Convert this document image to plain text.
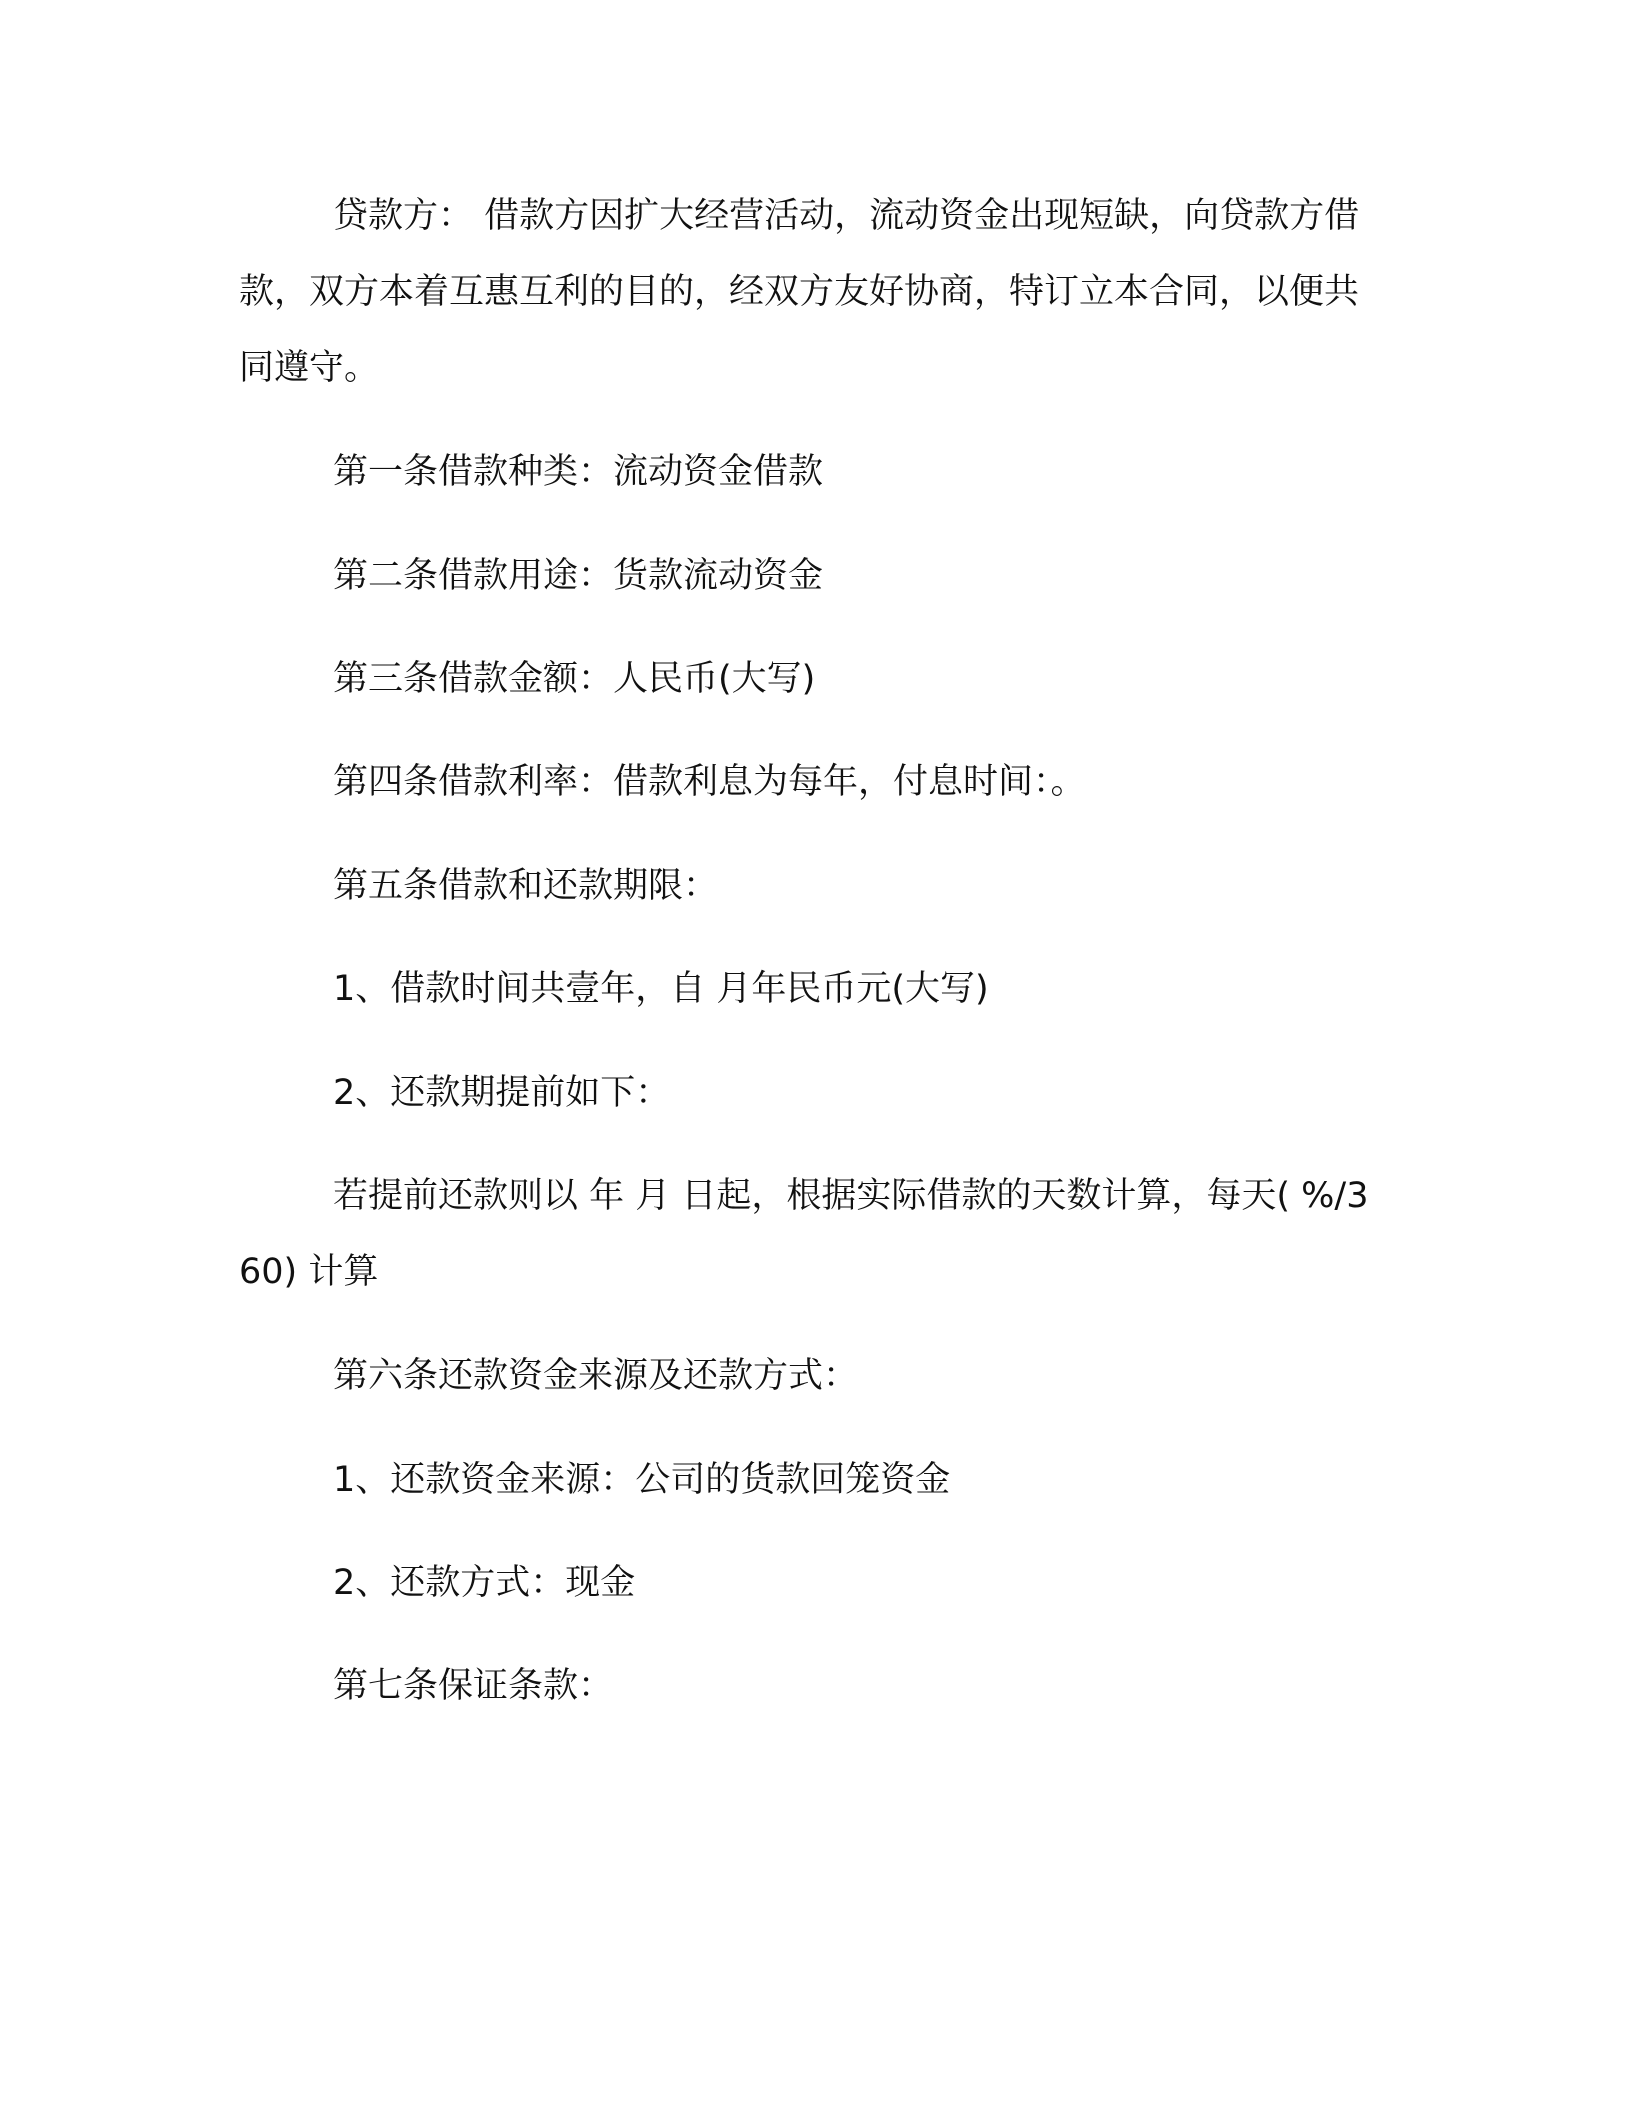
贷款方： 借款方因扩大经营活动，流动资金出现短缺，向贷款方借款，双方本着互惠互利的目的，经双方友好协商，特订立本合同，以便共同遵守。

第一条借款种类：流动资金借款

第二条借款用途：货款流动资金

第三条借款金额：人民币(大写)

第四条借款利率：借款利息为每年，付息时间：。

第五条借款和还款期限：

1、借款时间共壹年，自 月年民币元(大写)

2、还款期提前如下：

若提前还款则以 年 月 日起，根据实际借款的天数计算，每天( %/360) 计算

第六条还款资金来源及还款方式：

1、还款资金来源：公司的货款回笼资金

2、还款方式：现金

第七条保证条款：
